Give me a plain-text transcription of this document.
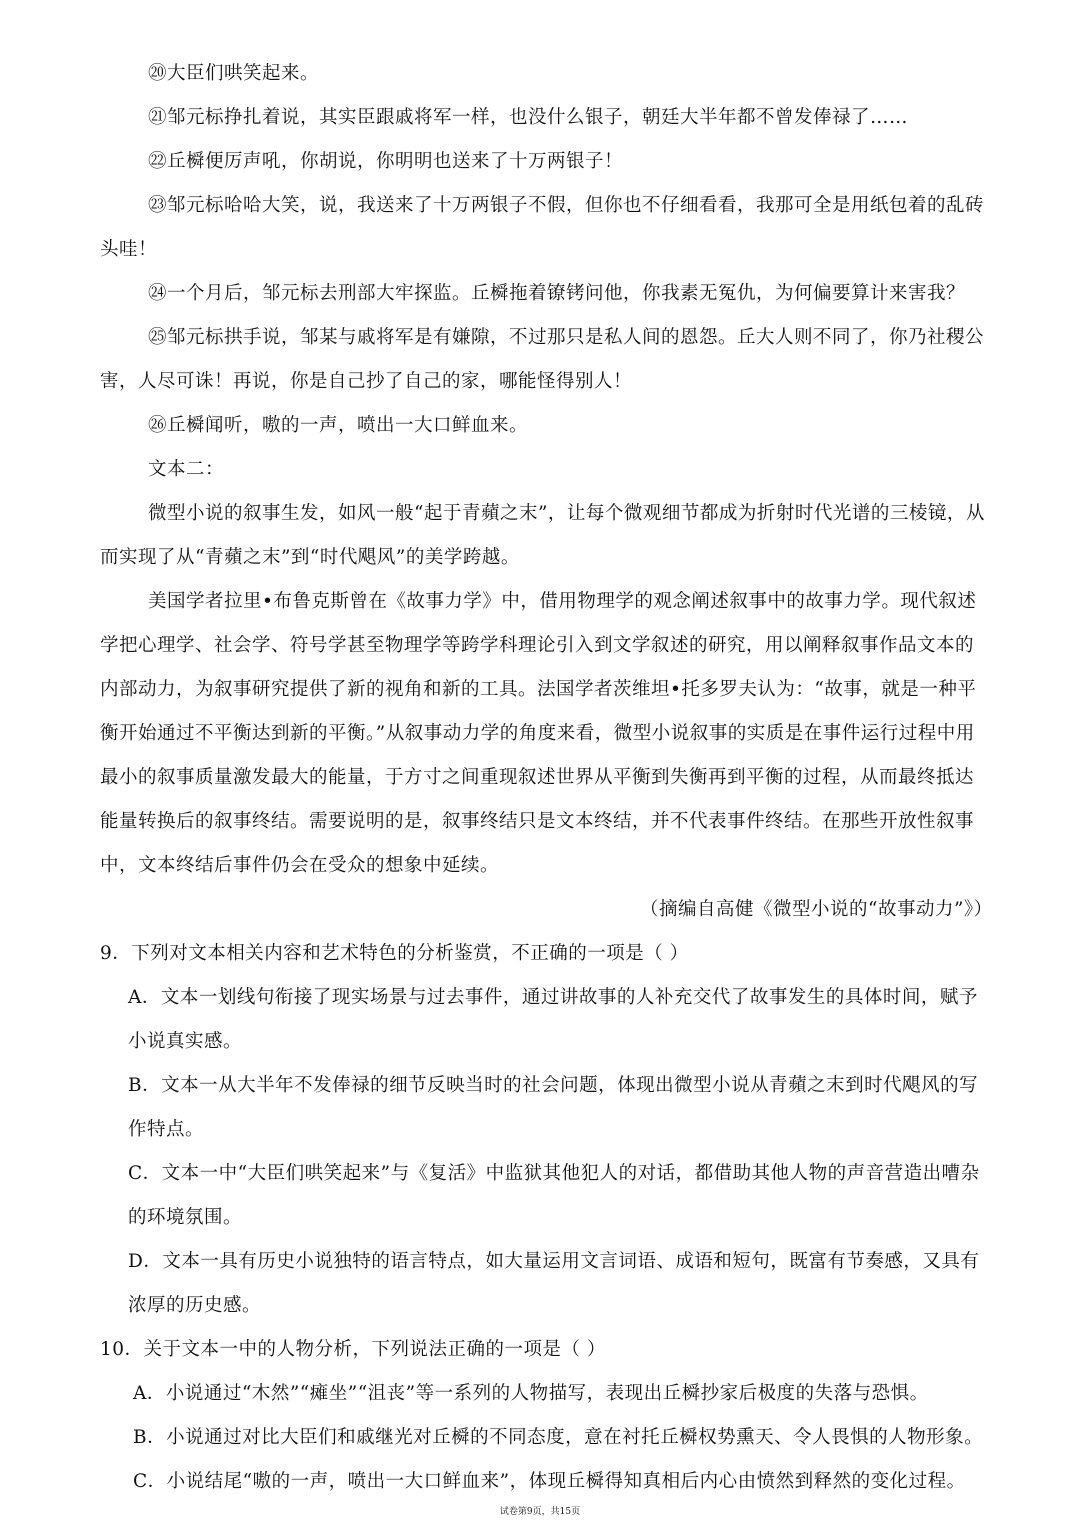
⑳大臣们哄笑起来。
㉑邹元标挣扎着说，其实臣跟戚将军一样，也没什么银子，朝廷大半年都不曾发俸禄了……
㉒丘橓便厉声吼，你胡说，你明明也送来了十万两银子！
㉓邹元标哈哈大笑，说，我送来了十万两银子不假，但你也不仔细看看，我那可全是用纸包着的乱砖
头哇！
㉔一个月后，邹元标去刑部大牢探监。丘橓拖着镣铐问他，你我素无冤仇，为何偏要算计来害我？
㉕邹元标拱手说，邹某与戚将军是有嫌隙，不过那只是私人间的恩怨。丘大人则不同了，你乃社稷公
害，人尽可诛！再说，你是自己抄了自己的家，哪能怪得别人！
㉖丘橓闻听，嗷的一声，喷出一大口鲜血来。
文本二：
微型小说的叙事生发，如风一般“起于青蘋之末”，让每个微观细节都成为折射时代光谱的三棱镜，从
而实现了从“青蘋之末”到“时代飓风”的美学跨越。
美国学者拉里•布鲁克斯曾在《故事力学》中，借用物理学的观念阐述叙事中的故事力学。现代叙述
学把心理学、社会学、符号学甚至物理学等跨学科理论引入到文学叙述的研究，用以阐释叙事作品文本的
内部动力，为叙事研究提供了新的视角和新的工具。法国学者茨维坦•托多罗夫认为：“故事，就是一种平
衡开始通过不平衡达到新的平衡。”从叙事动力学的角度来看，微型小说叙事的实质是在事件运行过程中用
最小的叙事质量激发最大的能量，于方寸之间重现叙述世界从平衡到失衡再到平衡的过程，从而最终抵达
能量转换后的叙事终结。需要说明的是，叙事终结只是文本终结，并不代表事件终结。在那些开放性叙事
中，文本终结后事件仍会在受众的想象中延续。
（摘编自高健《微型小说的“故事动力”》）
9．下列对文本相关内容和艺术特色的分析鉴赏，不正确的一项是（ ）
A．文本一划线句衔接了现实场景与过去事件，通过讲故事的人补充交代了故事发生的具体时间，赋予
小说真实感。
B．文本一从大半年不发俸禄的细节反映当时的社会问题，体现出微型小说从青蘋之末到时代飓风的写
作特点。
C．文本一中“大臣们哄笑起来”与《复活》中监狱其他犯人的对话，都借助其他人物的声音营造出嘈杂
的环境氛围。
D．文本一具有历史小说独特的语言特点，如大量运用文言词语、成语和短句，既富有节奏感，又具有
浓厚的历史感。
10．关于文本一中的人物分析，下列说法正确的一项是（ ）
A．小说通过“木然”“瘫坐”“沮丧”等一系列的人物描写，表现出丘橓抄家后极度的失落与恐惧。
B．小说通过对比大臣们和戚继光对丘橓的不同态度，意在衬托丘橓权势熏天、令人畏惧的人物形象。
C．小说结尾“嗷的一声，喷出一大口鲜血来”，体现丘橓得知真相后内心由愤然到释然的变化过程。
试卷第9页，共15页
